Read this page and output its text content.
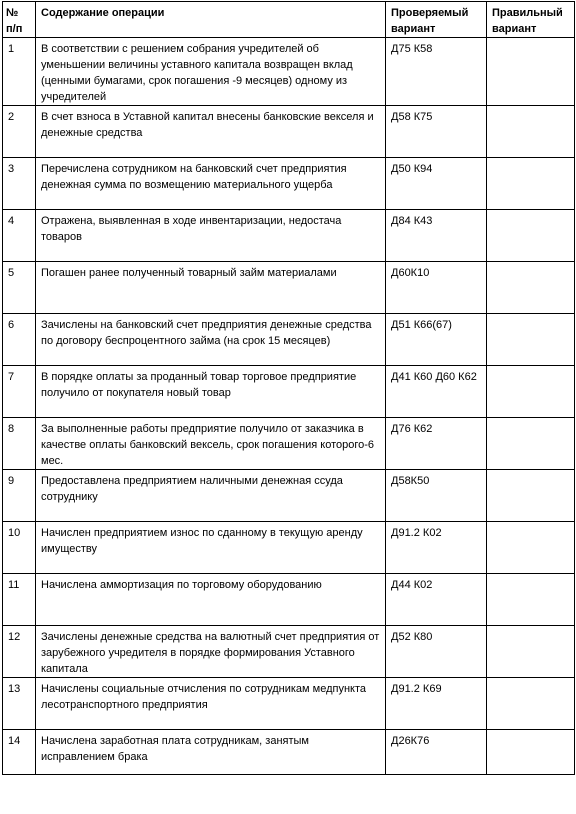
№ п/п	Содержание операции	Проверяемый вариант	Правильный вариант
1	В соответствии с решением собрания учредителей об уменьшении величины уставного капитала возвращен вклад (ценными бумагами, срок погашения -9 месяцев) одному из учредителей	Д75 К58	
2	В счет взноса в Уставной капитал внесены банковские векселя и денежные средства	Д58 К75	
3	Перечислена сотрудником на банковский счет предприятия денежная сумма по возмещению материального ущерба	Д50 К94	
4	Отражена, выявленная в ходе инвентаризации, недостача товаров	Д84 К43	
5	Погашен ранее полученный товарный займ материалами	Д60К10	
6	Зачислены на банковский счет предприятия денежные средства по договору беспроцентного займа (на срок 15 месяцев)	Д51 К66(67)	
7	В порядке оплаты за проданный товар торговое предприятие получило от покупателя новый товар	Д41 К60 Д60 К62	
8	За выполненные работы предприятие получило от заказчика в качестве оплаты банковский вексель, срок погашения которого-6 мес.	Д76 К62	
9	Предоставлена предприятием наличными денежная ссуда сотруднику	Д58К50	
10	Начислен предприятием износ по сданному в текущую аренду имуществу	Д91.2 К02	
11	Начислена аммортизация по торговому оборудованию	Д44 К02	
12	Зачислены денежные средства на валютный счет предприятия от зарубежного учредителя в порядке формирования Уставного капитала	Д52 К80	
13	Начислены социальные отчисления по сотрудникам медпункта лесотранспортного предприятия	Д91.2 К69	
14	Начислена заработная плата сотрудникам, занятым исправлением брака	Д26К76	
